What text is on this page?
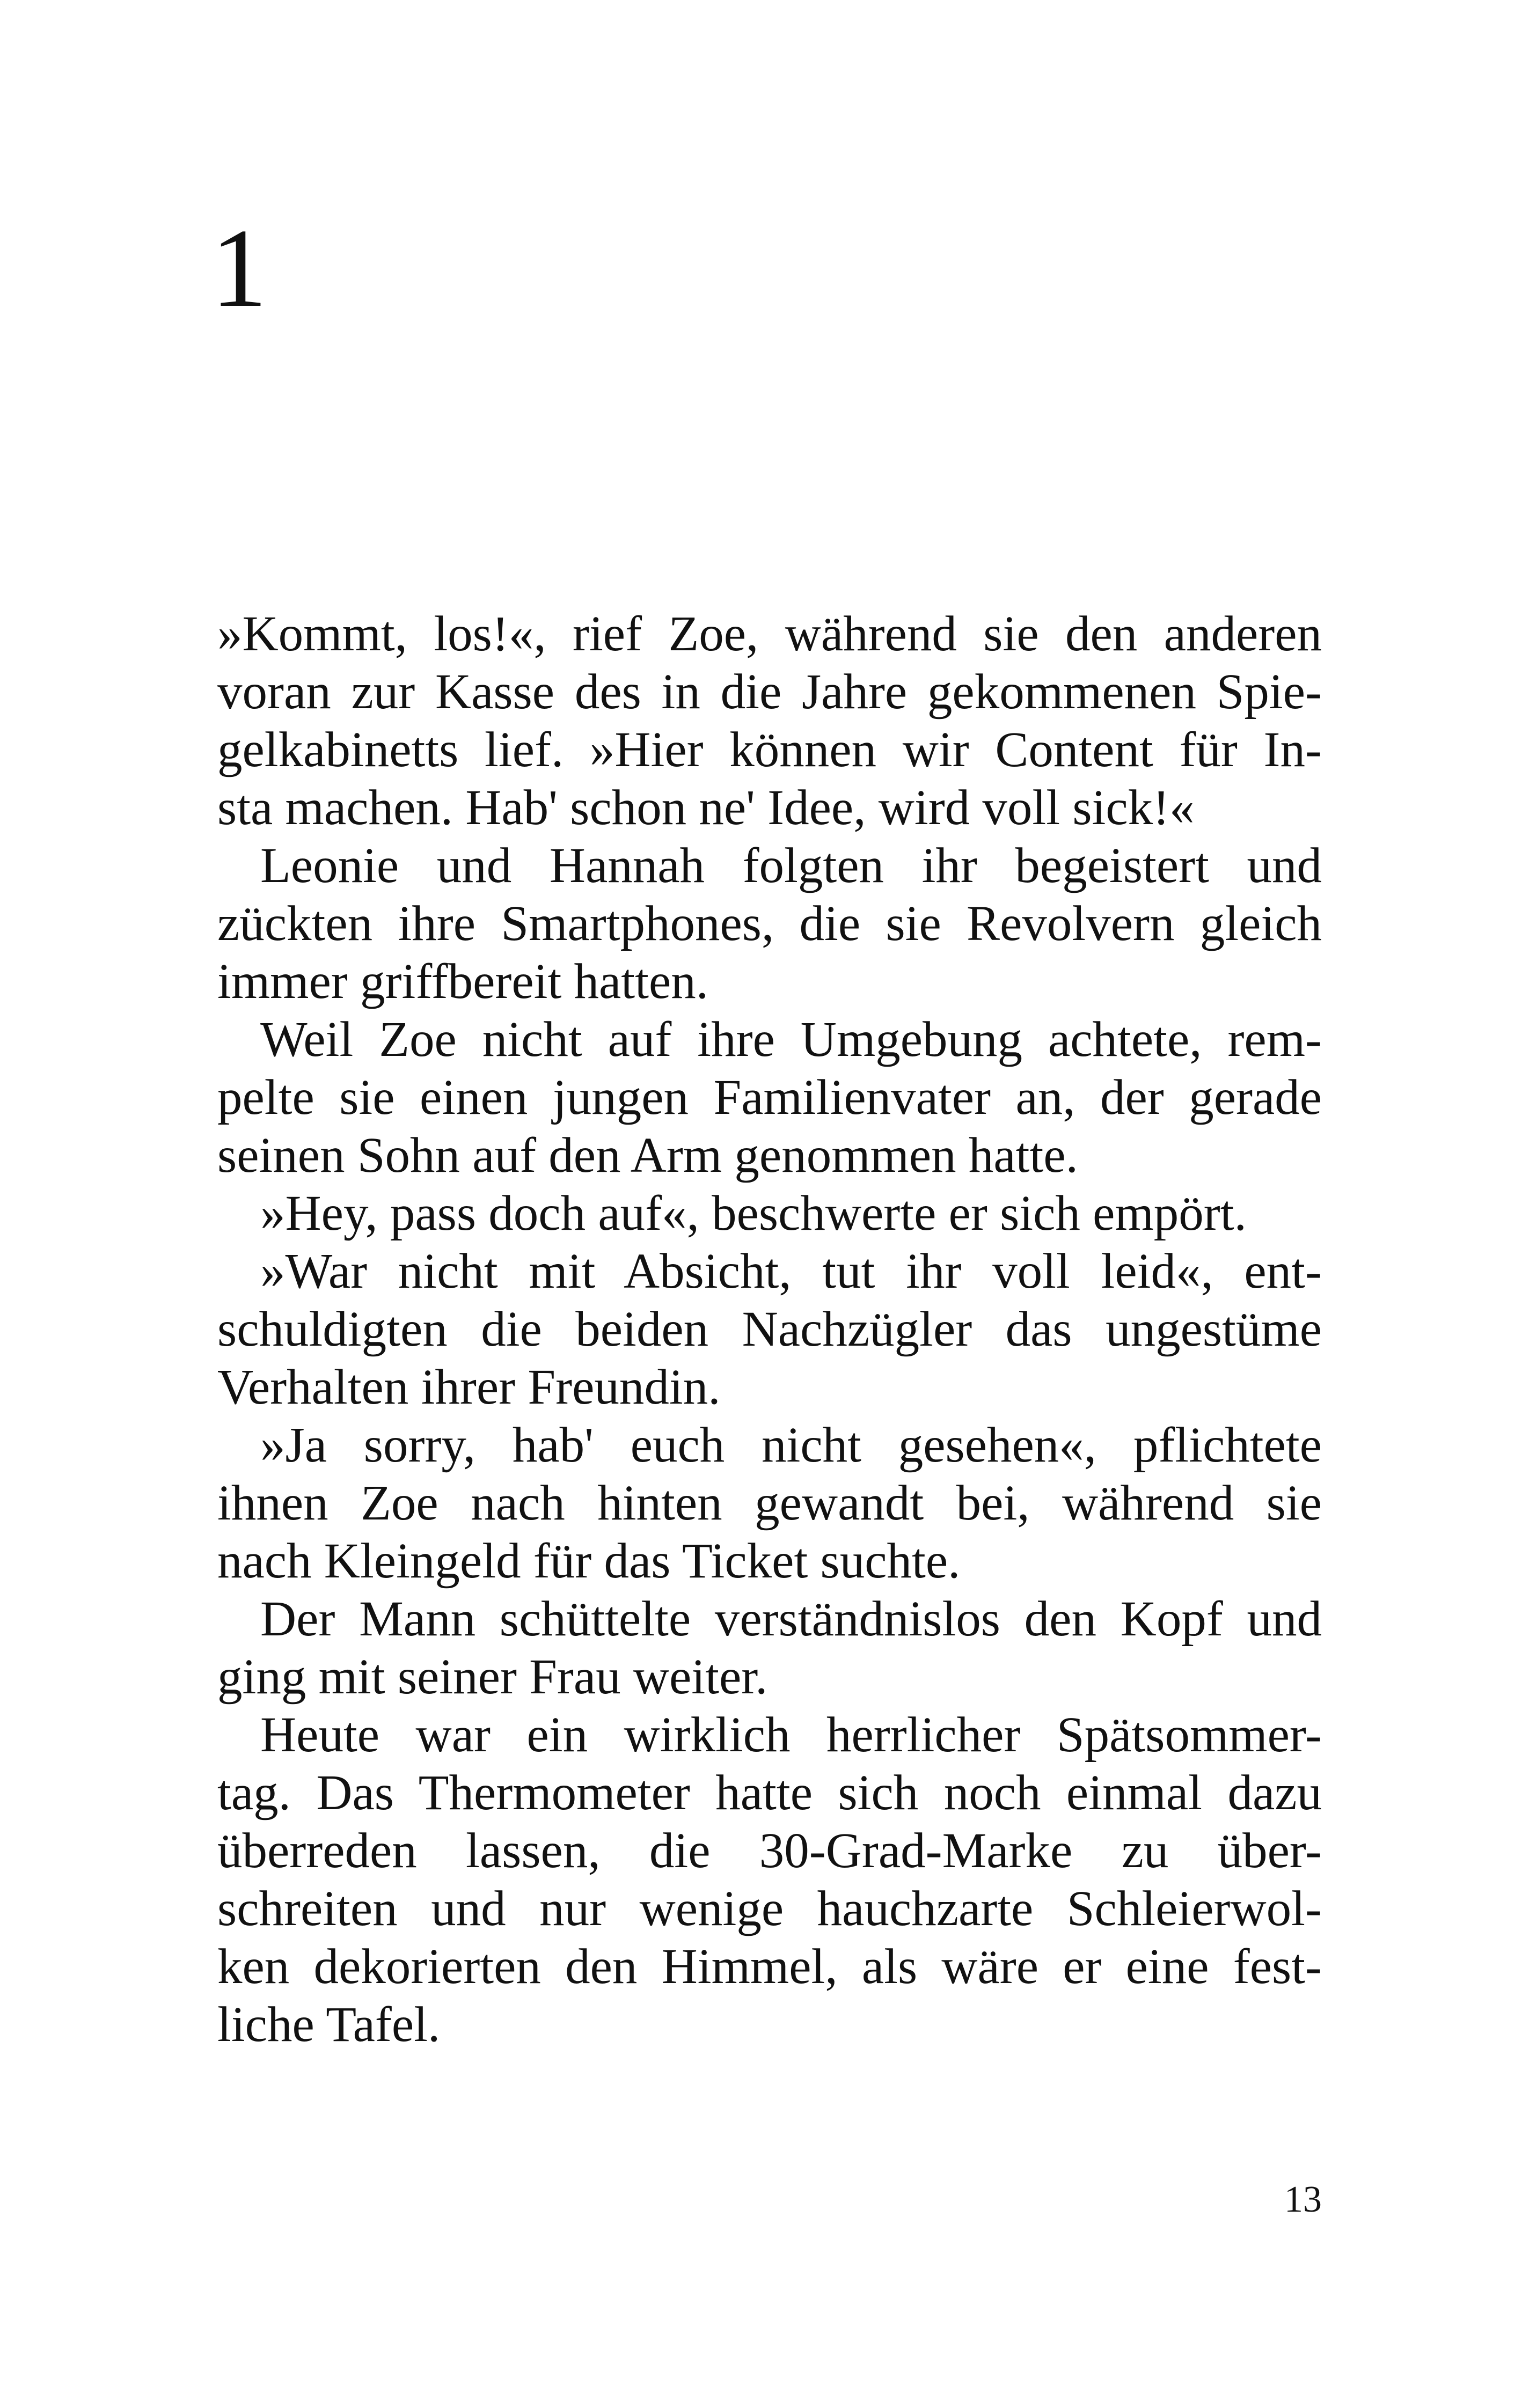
1
»Kommt, los!«, rief Zoe, während sie den anderen
voran zur Kasse des in die Jahre gekommenen Spie-
gelkabinetts lief. »Hier können wir Content für In-
sta machen. Hab' schon ne' Idee, wird voll sick!«
Leonie und Hannah folgten ihr begeistert und
zückten ihre Smartphones, die sie Revolvern gleich
immer griffbereit hatten.
Weil Zoe nicht auf ihre Umgebung achtete, rem-
pelte sie einen jungen Familienvater an, der gerade
seinen Sohn auf den Arm genommen hatte.
»Hey, pass doch auf«, beschwerte er sich empört.
»War nicht mit Absicht, tut ihr voll leid«, ent-
schuldigten die beiden Nachzügler das ungestüme
Verhalten ihrer Freundin.
»Ja sorry, hab' euch nicht gesehen«, pflichtete
ihnen Zoe nach hinten gewandt bei, während sie
nach Kleingeld für das Ticket suchte.
Der Mann schüttelte verständnislos den Kopf und
ging mit seiner Frau weiter.
Heute war ein wirklich herrlicher Spätsommer-
tag. Das Thermometer hatte sich noch einmal dazu
überreden lassen, die 30-Grad-Marke zu über-
schreiten und nur wenige hauchzarte Schleierwol-
ken dekorierten den Himmel, als wäre er eine fest-
liche Tafel.
13
